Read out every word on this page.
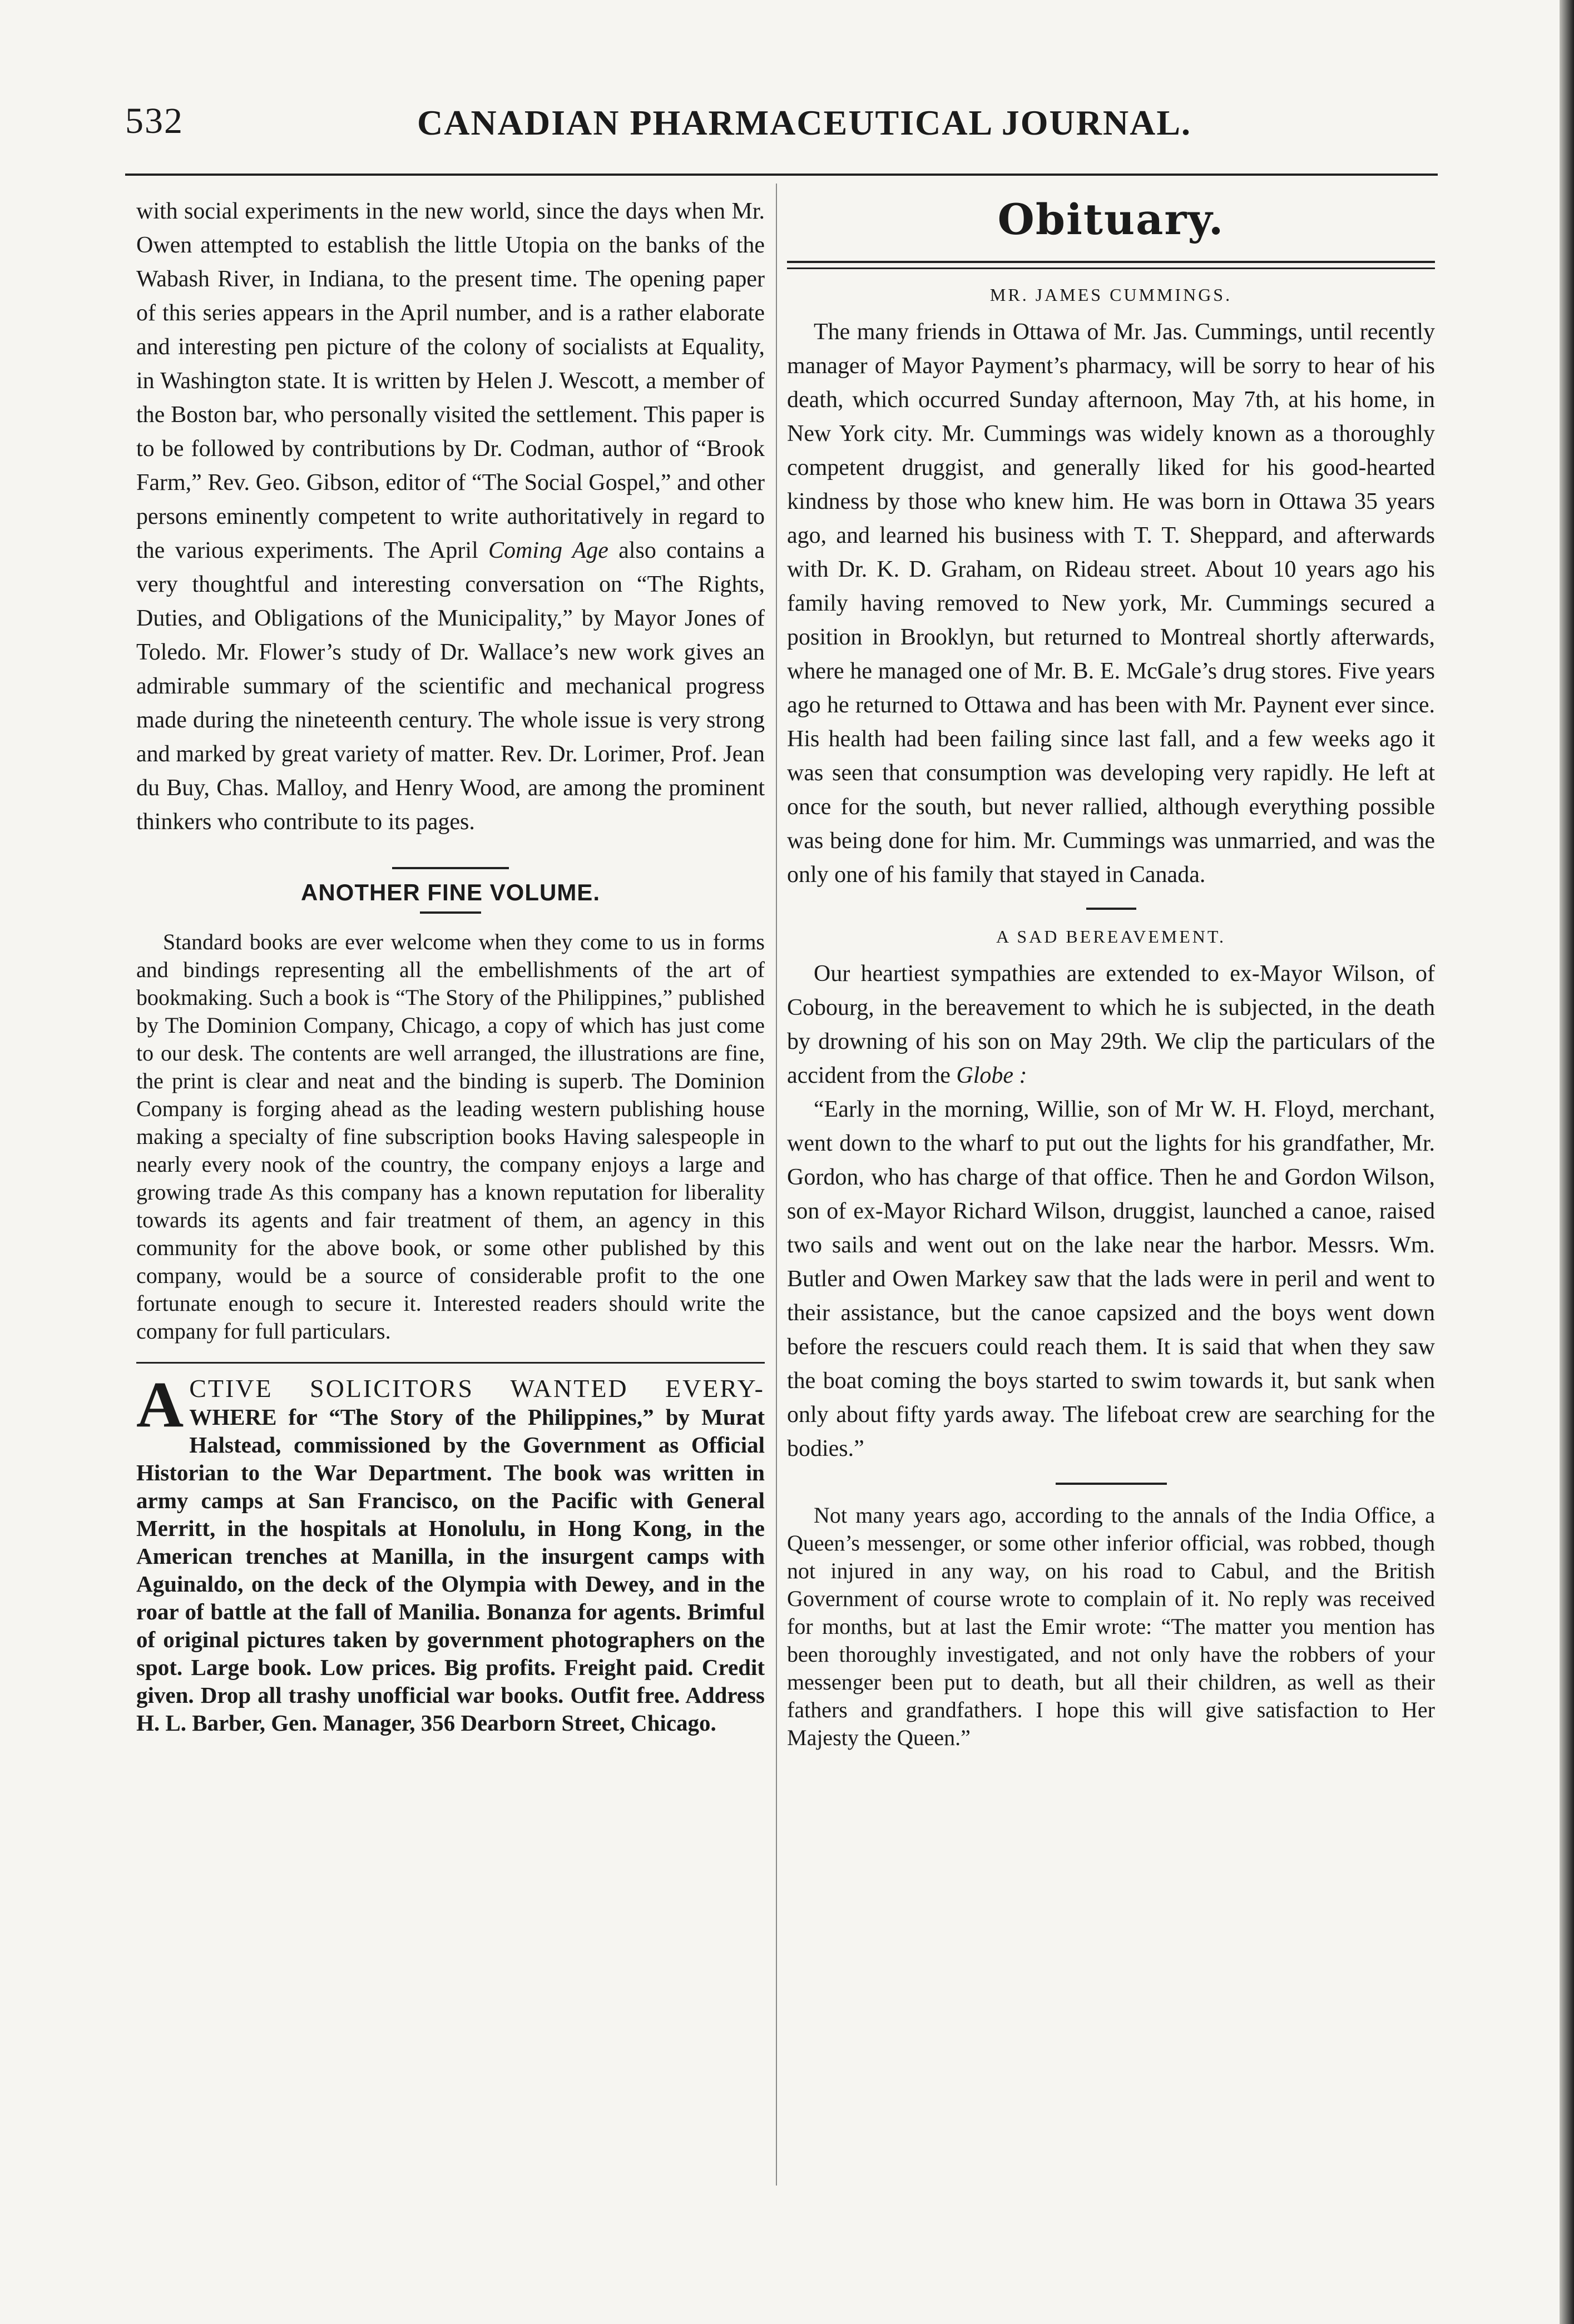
532	CANADIAN PHARMACEUTICAL JOURNAL.

with social experiments in the new world, since the days when Mr. Owen attempted to establish the little Utopia on the banks of the Wabash River, in Indiana, to the present time. The opening paper of this series appears in the April number, and is a rather elaborate and interesting pen picture of the colony of socialists at Equality, in Washington state. It is written by Helen J. Wescott, a member of the Boston bar, who personally visited the settlement. This paper is to be followed by contributions by Dr. Codman, author of “Brook Farm,” Rev. Geo. Gibson, editor of “The Social Gospel,” and other persons eminently competent to write authoritatively in regard to the various experiments. The April Coming Age also contains a very thoughtful and interesting conversation on “The Rights, Duties, and Obligations of the Municipality,” by Mayor Jones of Toledo. Mr. Flower’s study of Dr. Wallace’s new work gives an admirable summary of the scientific and mechanical progress made during the nineteenth century. The whole issue is very strong and marked by great variety of matter. Rev. Dr. Lorimer, Prof. Jean du Buy, Chas. Malloy, and Henry Wood, are among the prominent thinkers who contribute to its pages.

ANOTHER FINE VOLUME.

Standard books are ever welcome when they come to us in forms and bindings representing all the embellishments of the art of bookmaking. Such a book is “The Story of the Philippines,” published by The Dominion Company, Chicago, a copy of which has just come to our desk. The contents are well arranged, the illustrations are fine, the print is clear and neat and the binding is superb. The Dominion Company is forging ahead as the leading western publishing house making a specialty of fine subscription books Having salespeople in nearly every nook of the country, the company enjoys a large and growing trade As this company has a known reputation for liberality towards its agents and fair treatment of them, an agency in this community for the above book, or some other published by this company, would be a source of considerable profit to the one fortunate enough to secure it. Interested readers should write the company for full particulars.

ACTIVE SOLICITORS WANTED EVERY- WHERE for “The Story of the Philippines,” by Murat Halstead, commissioned by the Government as Official Historian to the War Department. The book was written in army camps at San Francisco, on the Pacific with General Merritt, in the hospitals at Honolulu, in Hong Kong, in the American trenches at Manilla, in the insurgent camps with Aguinaldo, on the deck of the Olympia with Dewey, and in the roar of battle at the fall of Manilia. Bonanza for agents. Brimful of original pictures taken by government photographers on the spot. Large book. Low prices. Big profits. Freight paid. Credit given. Drop all trashy unofficial war books. Outfit free. Address H. L. Barber, Gen. Manager, 356 Dearborn Street, Chicago.

Obituary.
MR. JAMES CUMMINGS.

The many friends in Ottawa of Mr. Jas. Cummings, until recently manager of Mayor Payment’s pharmacy, will be sorry to hear of his death, which occurred Sunday afternoon, May 7th, at his home, in New York city. Mr. Cummings was widely known as a thoroughly competent druggist, and generally liked for his good-hearted kindness by those who knew him. He was born in Ottawa 35 years ago, and learned his business with T. T. Sheppard, and afterwards with Dr. K. D. Graham, on Rideau street. About 10 years ago his family having removed to New york, Mr. Cummings secured a position in Brooklyn, but returned to Montreal shortly afterwards, where he managed one of Mr. B. E. McGale’s drug stores. Five years ago he returned to Ottawa and has been with Mr. Paynent ever since. His health had been failing since last fall, and a few weeks ago it was seen that consumption was developing very rapidly. He left at once for the south, but never rallied, although everything possible was being done for him. Mr. Cummings was unmarried, and was the only one of his family that stayed in Canada.

A SAD BEREAVEMENT.

Our heartiest sympathies are extended to ex-Mayor Wilson, of Cobourg, in the bereavement to which he is subjected, in the death by drowning of his son on May 29th. We clip the particulars of the accident from the Globe :

“Early in the morning, Willie, son of Mr W. H. Floyd, merchant, went down to the wharf to put out the lights for his grandfather, Mr. Gordon, who has charge of that office. Then he and Gordon Wilson, son of ex-Mayor Richard Wilson, druggist, launched a canoe, raised two sails and went out on the lake near the harbor. Messrs. Wm. Butler and Owen Markey saw that the lads were in peril and went to their assistance, but the canoe capsized and the boys went down before the rescuers could reach them. It is said that when they saw the boat coming the boys started to swim towards it, but sank when only about fifty yards away. The lifeboat crew are searching for the bodies.”

Not many years ago, according to the annals of the India Office, a Queen’s messenger, or some other inferior official, was robbed, though not injured in any way, on his road to Cabul, and the British Government of course wrote to complain of it. No reply was received for months, but at last the Emir wrote: “The matter you mention has been thoroughly investigated, and not only have the robbers of your messenger been put to death, but all their children, as well as their fathers and grandfathers. I hope this will give satisfaction to Her Majesty the Queen.”
